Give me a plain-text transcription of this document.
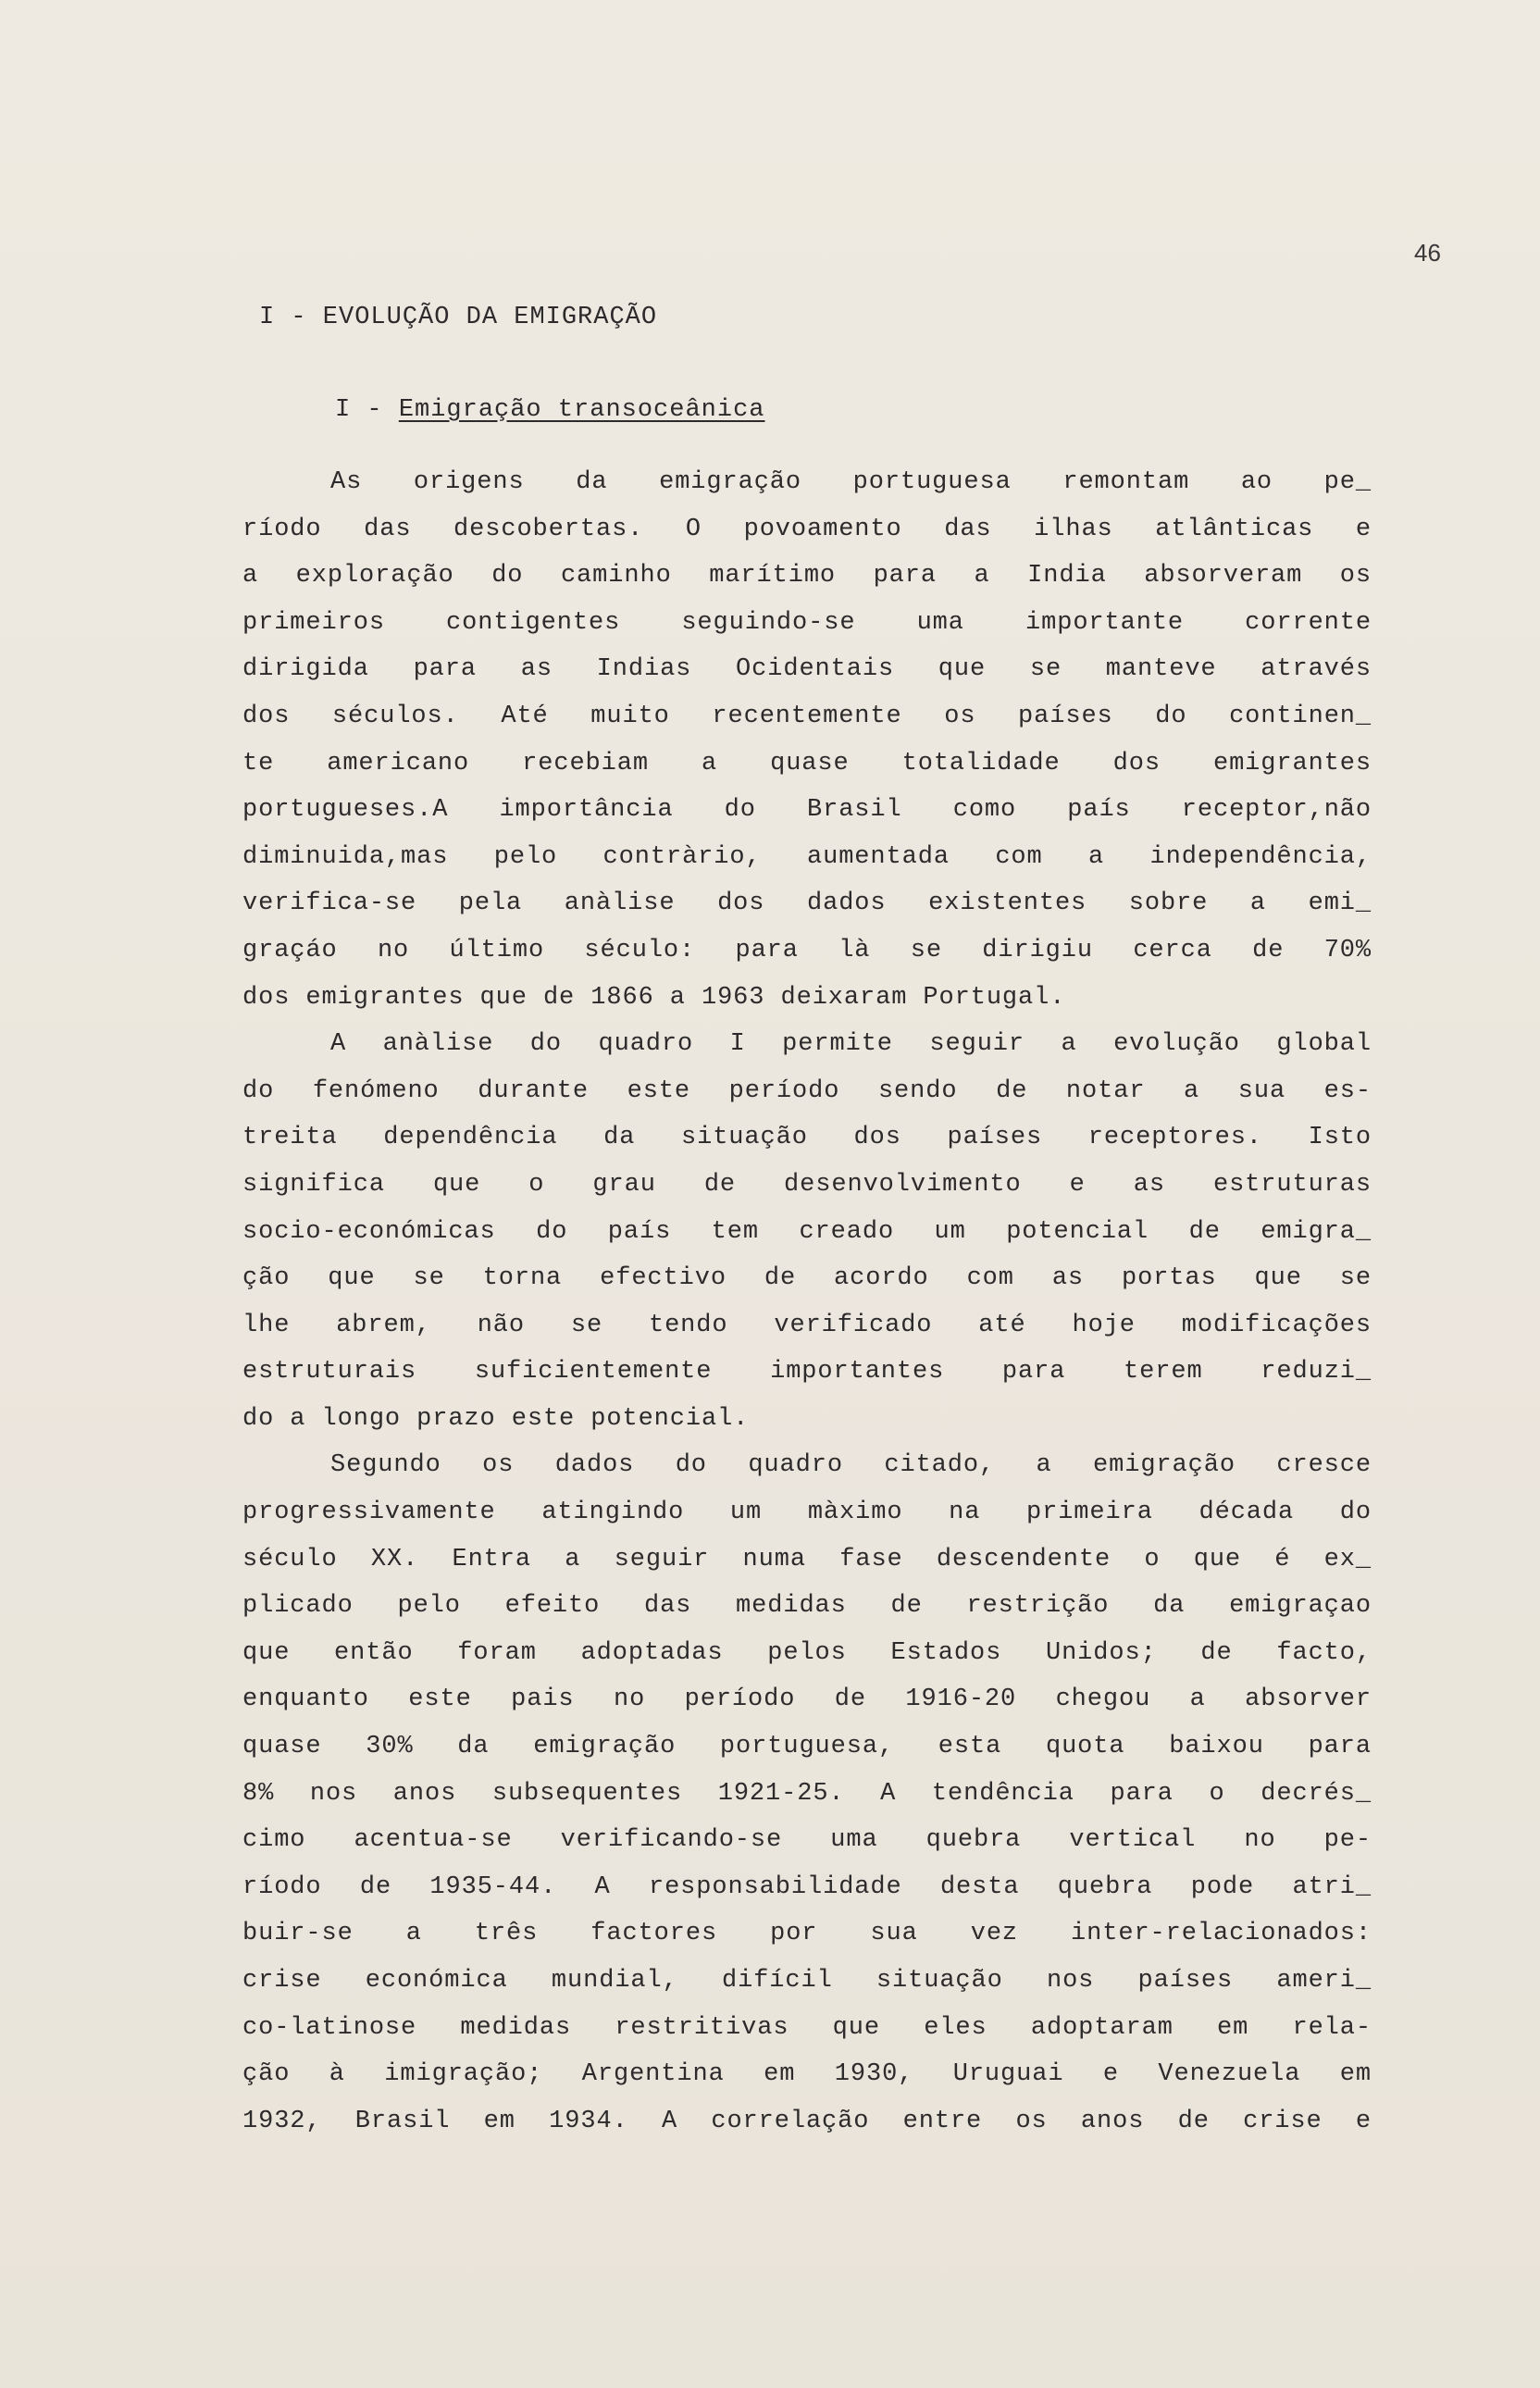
46
I - EVOLUÇÃO DA EMIGRAÇÃO
I - Emigração transoceânica
As origens da emigração portuguesa remontam ao pe_
ríodo das descobertas. O povoamento das ilhas atlânticas e
a exploração do caminho marítimo para a India absorveram os
primeiros contigentes seguindo-se uma importante corrente
dirigida para as Indias Ocidentais que se manteve através
dos séculos. Até muito recentemente os países do continen_
te americano recebiam a quase totalidade dos emigrantes
portugueses.A importância do Brasil como país receptor,não
diminuida,mas pelo contràrio, aumentada com a independência,
verifica-se pela anàlise dos dados existentes sobre a emi_
graçáo no último século: para là se dirigiu cerca de 70%
dos emigrantes que de 1866 a 1963 deixaram Portugal.
A anàlise do quadro I permite seguir a evolução global
do fenómeno durante este período sendo de notar a sua es-
treita dependência da situação dos países receptores. Isto
significa que o grau de desenvolvimento e as estruturas
socio-económicas do país tem creado um potencial de emigra_
ção que se torna efectivo de acordo com as portas que se
lhe abrem, não se tendo verificado até hoje modificações
estruturais suficientemente importantes para terem reduzi_
do a longo prazo este potencial.
Segundo os dados do quadro citado, a emigração cresce
progressivamente atingindo um màximo na primeira década do
século XX. Entra a seguir numa fase descendente o que é ex_
plicado pelo efeito das medidas de restrição da emigraçao
que então foram adoptadas pelos Estados Unidos; de facto,
enquanto este pais no período de 1916-20 chegou a absorver
quase 30% da emigração portuguesa, esta quota baixou para
8% nos anos subsequentes 1921-25. A tendência para o decrés_
cimo acentua-se verificando-se uma quebra vertical no pe-
ríodo de 1935-44. A responsabilidade desta quebra pode atri_
buir-se a três factores por sua vez inter-relacionados:
crise económica mundial, difícil situação nos países ameri_
co-latinose medidas restritivas que eles adoptaram em rela-
ção à imigração; Argentina em 1930, Uruguai e Venezuela em
1932, Brasil em 1934. A correlação entre os anos de crise e
